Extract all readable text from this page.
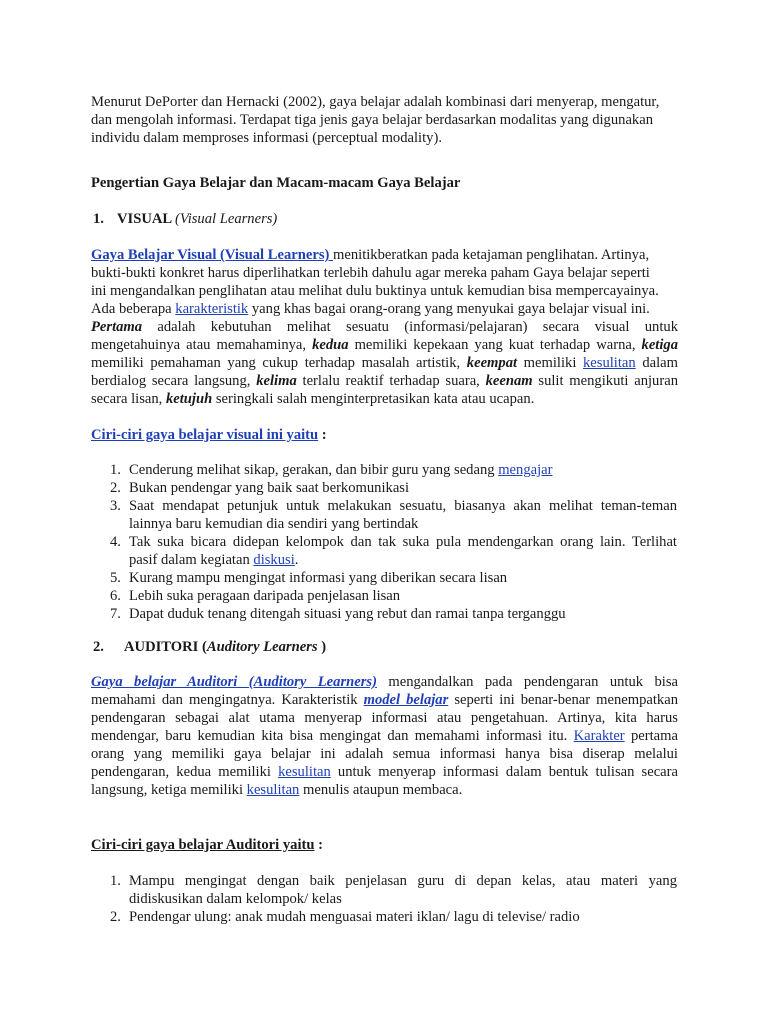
Menurut DePorter dan Hernacki (2002), gaya belajar adalah kombinasi dari menyerap, mengatur,
dan mengolah informasi. Terdapat tiga jenis gaya belajar berdasarkan modalitas yang digunakan
individu dalam memproses informasi (perceptual modality).

Pengertian Gaya Belajar dan Macam-macam Gaya Belajar

1. VISUAL (Visual Learners)

Gaya Belajar Visual (Visual Learners) menitikberatkan pada ketajaman penglihatan. Artinya,
bukti-bukti konkret harus diperlihatkan terlebih dahulu agar mereka paham Gaya belajar seperti
ini mengandalkan penglihatan atau melihat dulu buktinya untuk kemudian bisa mempercayainya.
Ada beberapa karakteristik yang khas bagai orang-orang yang menyukai gaya belajar visual ini.
Pertama adalah kebutuhan melihat sesuatu (informasi/pelajaran) secara visual untuk
mengetahuinya atau memahaminya, kedua memiliki kepekaan yang kuat terhadap warna, ketiga
memiliki pemahaman yang cukup terhadap masalah artistik, keempat memiliki kesulitan dalam
berdialog secara langsung, kelima terlalu reaktif terhadap suara, keenam sulit mengikuti anjuran
secara lisan, ketujuh seringkali salah menginterpretasikan kata atau ucapan.

Ciri-ciri gaya belajar visual ini yaitu :

1. Cenderung melihat sikap, gerakan, dan bibir guru yang sedang mengajar
2. Bukan pendengar yang baik saat berkomunikasi
3. Saat mendapat petunjuk untuk melakukan sesuatu, biasanya akan melihat teman-teman
lainnya baru kemudian dia sendiri yang bertindak
4. Tak suka bicara didepan kelompok dan tak suka pula mendengarkan orang lain. Terlihat
pasif dalam kegiatan diskusi.
5. Kurang mampu mengingat informasi yang diberikan secara lisan
6. Lebih suka peragaan daripada penjelasan lisan
7. Dapat duduk tenang ditengah situasi yang rebut dan ramai tanpa terganggu

2. AUDITORI (Auditory Learners )

Gaya belajar Auditori (Auditory Learners) mengandalkan pada pendengaran untuk bisa
memahami dan mengingatnya. Karakteristik model belajar seperti ini benar-benar menempatkan
pendengaran sebagai alat utama menyerap informasi atau pengetahuan. Artinya, kita harus
mendengar, baru kemudian kita bisa mengingat dan memahami informasi itu. Karakter pertama
orang yang memiliki gaya belajar ini adalah semua informasi hanya bisa diserap melalui
pendengaran, kedua memiliki kesulitan untuk menyerap informasi dalam bentuk tulisan secara
langsung, ketiga memiliki kesulitan menulis ataupun membaca.

Ciri-ciri gaya belajar Auditori yaitu :

1. Mampu mengingat dengan baik penjelasan guru di depan kelas, atau materi yang
didiskusikan dalam kelompok/ kelas
2. Pendengar ulung: anak mudah menguasai materi iklan/ lagu di televise/ radio
